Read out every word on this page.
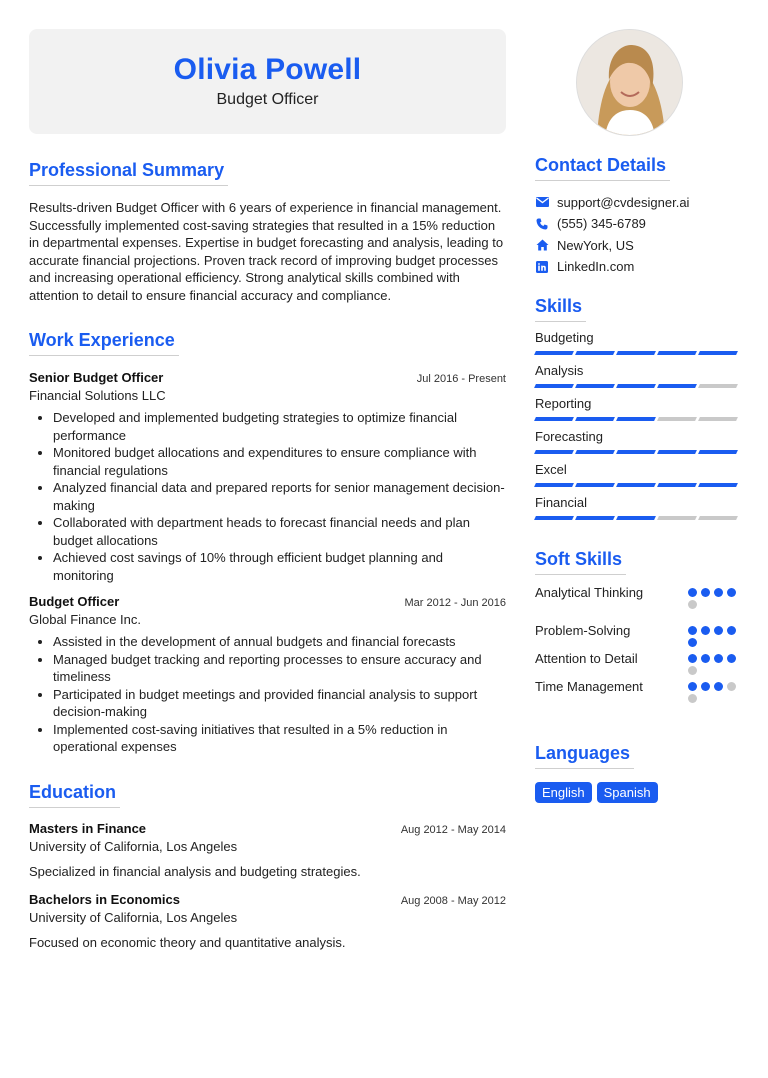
Olivia Powell
Budget Officer
Professional Summary

Results-driven Budget Officer with 6 years of experience in financial management. Successfully implemented cost-saving strategies that resulted in a 15% reduction in departmental expenses. Expertise in budget forecasting and analysis, leading to accurate financial projections. Proven track record of improving budget processes and increasing operational efficiency. Strong analytical skills combined with attention to detail to ensure financial accuracy and compliance.

Work Experience
Senior Budget Officer	Jul 2016 - Present
Financial Solutions LLC
• Developed and implemented budgeting strategies to optimize financial performance
• Monitored budget allocations and expenditures to ensure compliance with financial regulations
• Analyzed financial data and prepared reports for senior management decision-making
• Collaborated with department heads to forecast financial needs and plan budget allocations
• Achieved cost savings of 10% through efficient budget planning and monitoring
Budget Officer	Mar 2012 - Jun 2016
Global Finance Inc.
• Assisted in the development of annual budgets and financial forecasts
• Managed budget tracking and reporting processes to ensure accuracy and timeliness
• Participated in budget meetings and provided financial analysis to support decision-making
• Implemented cost-saving initiatives that resulted in a 5% reduction in operational expenses
Education
Masters in Finance	Aug 2012 - May 2014
University of California, Los Angeles
Specialized in financial analysis and budgeting strategies.
Bachelors in Economics	Aug 2008 - May 2012
University of California, Los Angeles
Focused on economic theory and quantitative analysis.
Contact Details
support@cvdesigner.ai
(555) 345-6789
NewYork, US
LinkedIn.com
Skills
Budgeting
Analysis
Reporting
Forecasting
Excel
Financial
Soft Skills
Analytical Thinking
Problem-Solving
Attention to Detail
Time Management
Languages
English	Spanish
